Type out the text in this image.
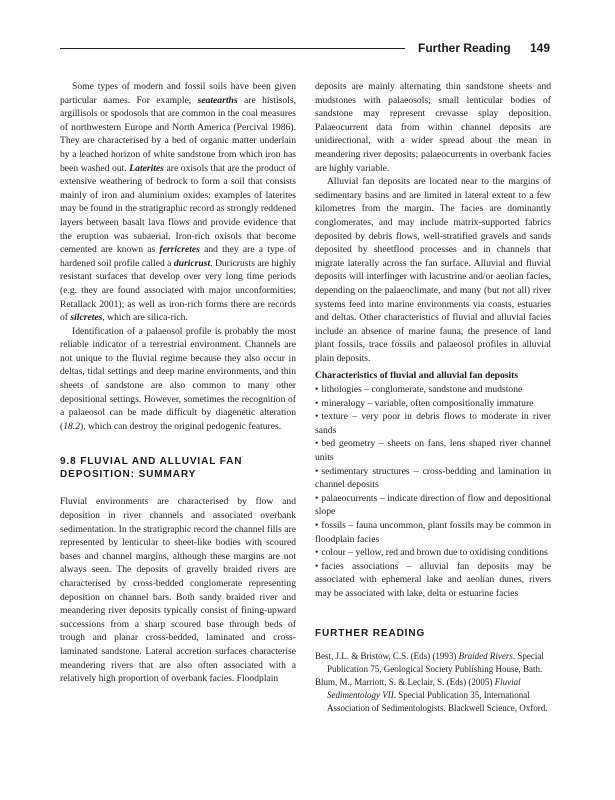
Further Reading 149

Some types of modern and fossil soils have been given particular names. For example, seatearths are histisols, argillisols or spodosols that are common in the coal measures of northwestern Europe and North America (Percival 1986). They are characterised by a bed of organic matter underlain by a leached horizon of white sandstone from which iron has been washed out. Laterites are oxisols that are the product of extensive weathering of bedrock to form a soil that consists mainly of iron and aluminium oxides: examples of laterites may be found in the stratigraphic record as strongly reddened layers between basalt lava flows and provide evidence that the eruption was subaerial. Iron-rich oxisols that become cemented are known as ferricretes and they are a type of hardened soil profile called a duricrust. Duricrusts are highly resistant surfaces that develop over very long time periods (e.g. they are found associated with major unconformities; Retallack 2001); as well as iron-rich forms there are records of silcretes, which are silica-rich.

Identification of a palaeosol profile is probably the most reliable indicator of a terrestrial environment. Channels are not unique to the fluvial regime because they also occur in deltas, tidal settings and deep marine environments, and thin sheets of sandstone are also common to many other depositional settings. However, sometimes the recognition of a palaeosol can be made difficult by diagenetic alteration (18.2), which can destroy the original pedogenic features.

9.8 FLUVIAL AND ALLUVIAL FAN
DEPOSITION: SUMMARY

Fluvial environments are characterised by flow and deposition in river channels and associated overbank sedimentation. In the stratigraphic record the channel fills are represented by lenticular to sheet-like bodies with scoured bases and channel margins, although these margins are not always seen. The deposits of gravelly braided rivers are characterised by cross-bedded conglomerate representing deposition on channel bars. Both sandy braided river and meandering river deposits typically consist of fining-upward successions from a sharp scoured base through beds of trough and planar cross-bedded, laminated and cross-laminated sandstone. Lateral accretion surfaces characterise meandering rivers that are also often associated with a relatively high proportion of overbank facies. Floodplain

deposits are mainly alternating thin sandstone sheets and mudstones with palaeosols; small lenticular bodies of sandstone may represent crevasse splay deposition. Palaeocurrent data from within channel deposits are unidirectional, with a wider spread about the mean in meandering river deposits; palaeocurrents in overbank facies are highly variable.

Alluvial fan deposits are located near to the margins of sedimentary basins and are limited in lateral extent to a few kilometres from the margin. The facies are dominantly conglomerates, and may include matrix-supported fabrics deposited by debris flows, well-stratified gravels and sands deposited by sheetflood processes and in channels that migrate laterally across the fan surface. Alluvial and fluvial deposits will interfinger with lacustrine and/or aeolian facies, depending on the palaeoclimate, and many (but not all) river systems feed into marine environments via coasts, estuaries and deltas. Other characteristics of fluvial and alluvial facies include an absence of marine fauna, the presence of land plant fossils, trace fossils and palaeosol profiles in alluvial plain deposits.

Characteristics of fluvial and alluvial fan deposits
• lithologies – conglomerate, sandstone and mudstone
• mineralogy – variable, often compositionally immature
• texture – very poor in debris flows to moderate in river sands
• bed geometry – sheets on fans, lens shaped river channel units
• sedimentary structures – cross-bedding and lamination in channel deposits
• palaeocurrents – indicate direction of flow and depositional slope
• fossils – fauna uncommon, plant fossils may be common in floodplain facies
• colour – yellow, red and brown due to oxidising conditions
• facies associations – alluvial fan deposits may be associated with ephemeral lake and aeolian dunes, rivers may be associated with lake, delta or estuarine facies
FURTHER READING
Best, J.L. & Bristow, C.S. (Eds) (1993) Braided Rivers. Special Publication 75, Geological Society Publishing House, Bath.
Blum, M., Marriott, S. & Leclair, S. (Eds) (2005) Fluvial Sedimentology VII. Special Publication 35, International Association of Sedimentologists. Blackwell Science, Oxford.
